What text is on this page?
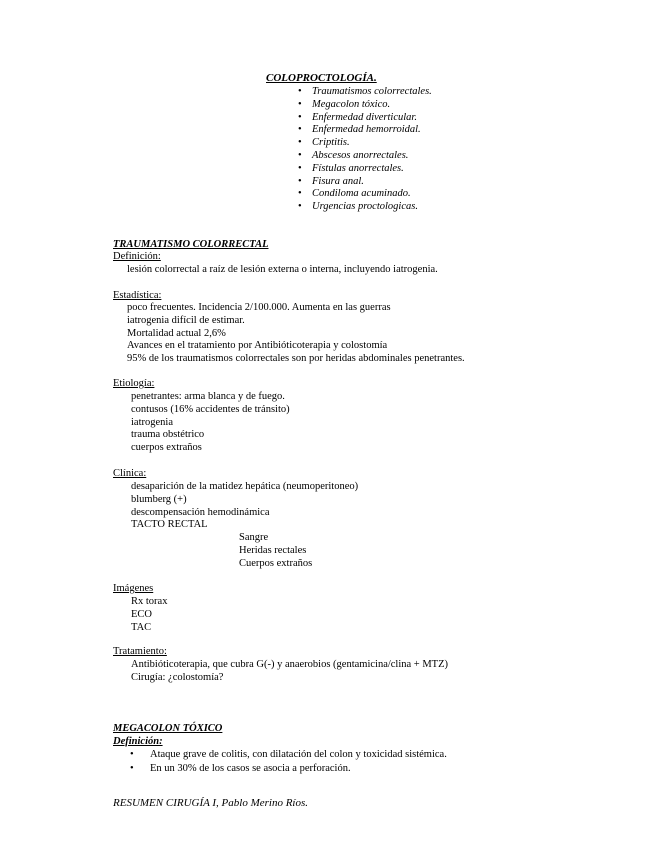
COLOPROCTOLOGÍA.
• Traumatismos colorrectales.
• Megacolon tóxico.
• Enfermedad diverticular.
• Enfermedad hemorroidal.
• Criptitis.
• Abscesos anorrectales.
• Fístulas anorrectales.
• Fisura anal.
• Condiloma acuminado.
• Urgencias proctologicas.
TRAUMATISMO COLORRECTAL
Definición:
lesión colorrectal a raíz de lesión externa o interna, incluyendo iatrogenia.
Estadística:
poco frecuentes. Incidencia 2/100.000. Aumenta en las guerras
iatrogenia difícil de estimar.
Mortalidad actual 2,6%
Avances en el tratamiento por Antibióticoterapia y colostomía
95% de los traumatismos colorrectales son por heridas abdominales penetrantes.
Etiología:
penetrantes: arma blanca y de fuego.
contusos (16% accidentes de tránsito)
iatrogenia
trauma obstétrico
cuerpos extraños
Clínica:
desaparición de la matidez hepática (neumoperitoneo)
blumberg (+)
descompensación hemodinámica
TACTO RECTAL
Sangre
Heridas rectales
Cuerpos extraños
Imágenes
Rx torax
ECO
TAC
Tratamiento:
Antibióticoterapia, que cubra G(-) y anaerobios (gentamicina/clina + MTZ)
Cirugía: ¿colostomía?
MEGACOLON TÓXICO
Definición:
• Ataque grave de colitis, con dilatación del colon y toxicidad sistémica.
• En un 30% de los casos se asocia a perforación.
RESUMEN CIRUGÍA I, Pablo Merino Ríos.
